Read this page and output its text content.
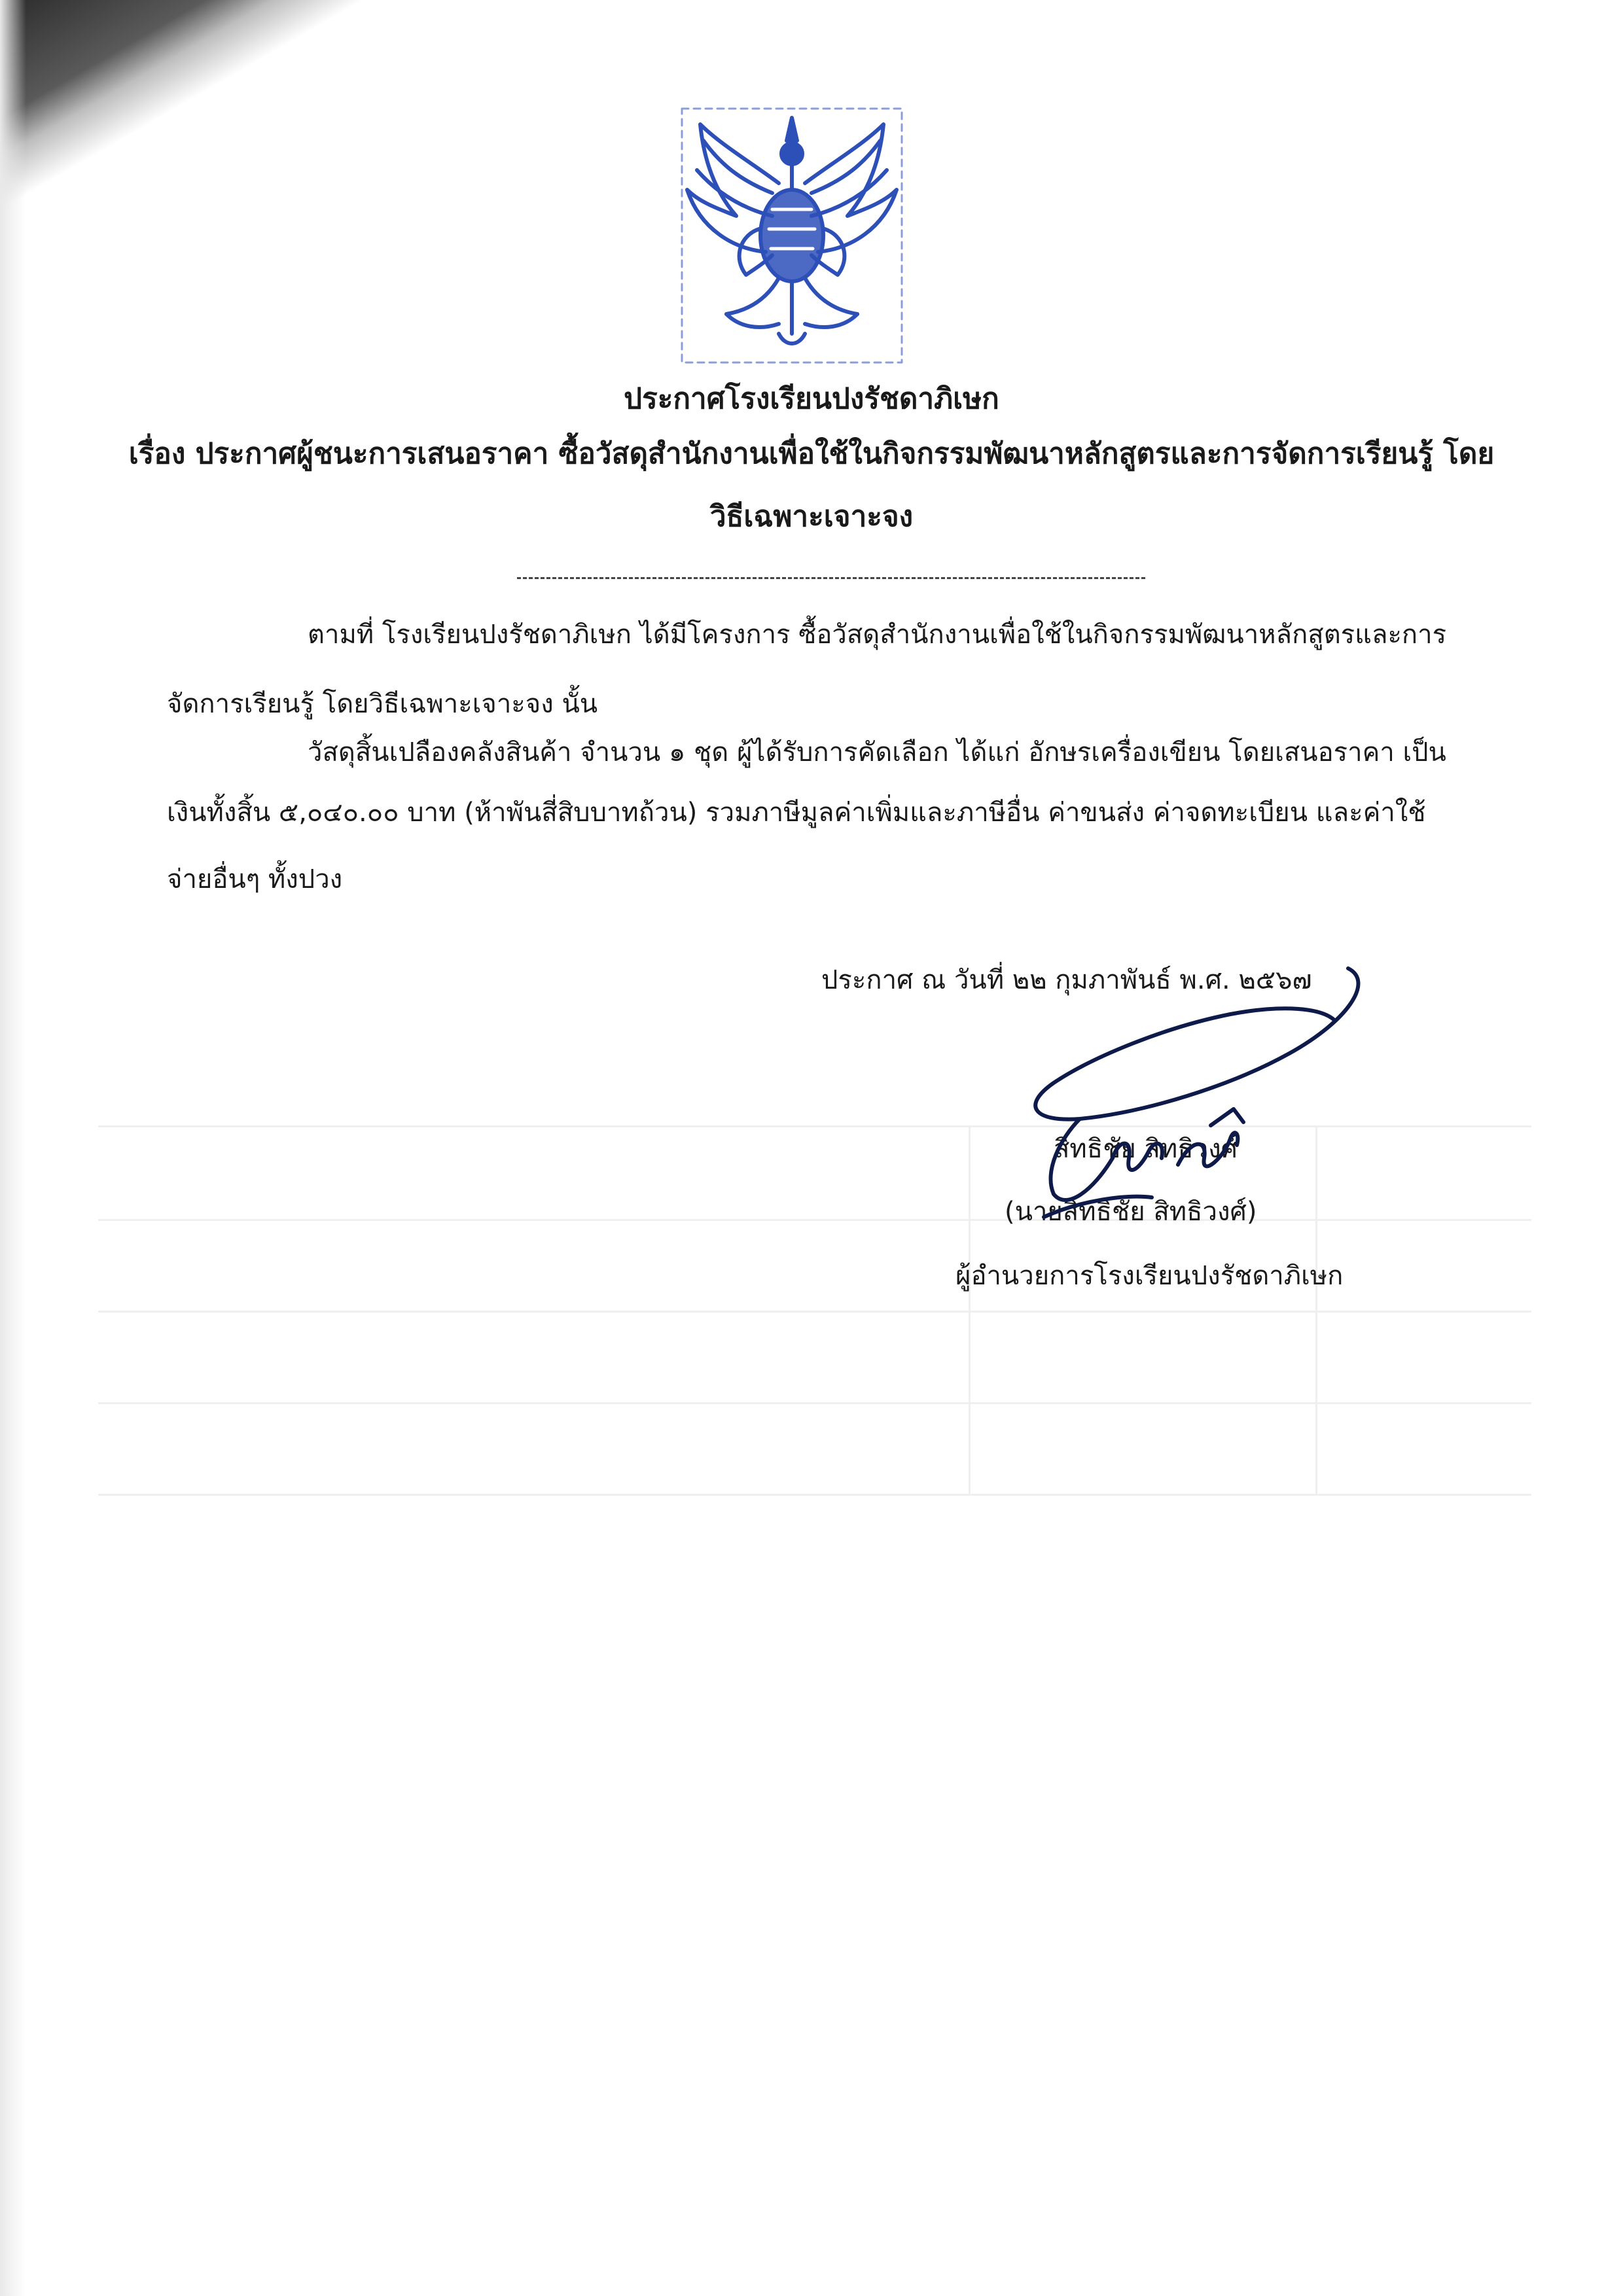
ประกาศโรงเรียนปงรัชดาภิเษก

เรื่อง ประกาศผู้ชนะการเสนอราคา ซื้อวัสดุสำนักงานเพื่อใช้ในกิจกรรมพัฒนาหลักสูตรและการจัดการเรียนรู้ โดย

วิธีเฉพาะเจาะจง

ตามที่ โรงเรียนปงรัชดาภิเษก ได้มีโครงการ ซื้อวัสดุสำนักงานเพื่อใช้ในกิจกรรมพัฒนาหลักสูตรและการ

จัดการเรียนรู้ โดยวิธีเฉพาะเจาะจง นั้น

วัสดุสิ้นเปลืองคลังสินค้า จำนวน ๑ ชุด ผู้ได้รับการคัดเลือก ได้แก่ อักษรเครื่องเขียน โดยเสนอราคา เป็น

เงินทั้งสิ้น ๕,๐๔๐.๐๐ บาท (ห้าพันสี่สิบบาทถ้วน) รวมภาษีมูลค่าเพิ่มและภาษีอื่น ค่าขนส่ง ค่าจดทะเบียน และค่าใช้

จ่ายอื่นๆ ทั้งปวง

ประกาศ ณ วันที่ ๒๒ กุมภาพันธ์ พ.ศ. ๒๕๖๗
สิทธิชัย สิทธิวงศ์
(นายสิทธิชัย สิทธิวงศ์)
ผู้อำนวยการโรงเรียนปงรัชดาภิเษก
